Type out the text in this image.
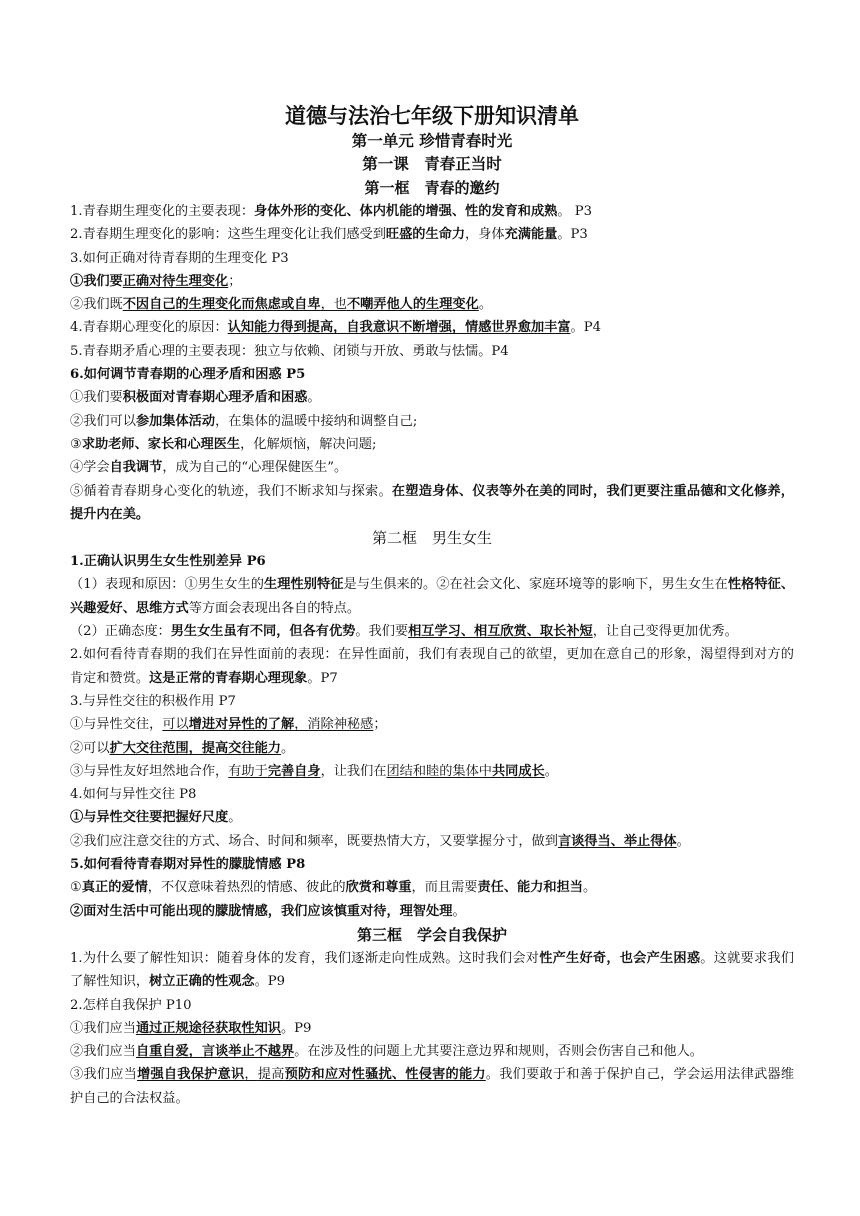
道德与法治七年级下册知识清单
第一单元 珍惜青春时光
第一课　青春正当时
第一框　青春的邀约

1.青春期生理变化的主要表现：身体外形的变化、体内机能的增强、性的发育和成熟。 P3

2.青春期生理变化的影响：这些生理变化让我们感受到旺盛的生命力，身体充满能量。P3

3.如何正确对待青春期的生理变化 P3

①我们要正确对待生理变化；

②我们既不因自己的生理变化而焦虑或自卑，也不嘲弄他人的生理变化。

4.青春期心理变化的原因：认知能力得到提高，自我意识不断增强，情感世界愈加丰富。P4

5.青春期矛盾心理的主要表现：独立与依赖、闭锁与开放、勇敢与怯懦。P4

6.如何调节青春期的心理矛盾和困惑 P5

①我们要积极面对青春期心理矛盾和困惑。

②我们可以参加集体活动，在集体的温暖中接纳和调整自己;

③求助老师、家长和心理医生，化解烦恼，解决问题;

④学会自我调节，成为自己的“心理保健医生”。

⑤循着青春期身心变化的轨迹，我们不断求知与探索。在塑造身体、仪表等外在美的同时，我们更要注重品德和文化修养，提升内在美。

第二框　男生女生

1.正确认识男生女生性别差异 P6

（1）表现和原因：①男生女生的生理性别特征是与生俱来的。②在社会文化、家庭环境等的影响下，男生女生在性格特征、兴趣爱好、思维方式等方面会表现出各自的特点。

（2）正确态度：男生女生虽有不同，但各有优势。我们要相互学习、相互欣赏、取长补短，让自己变得更加优秀。

2.如何看待青春期的我们在异性面前的表现：在异性面前，我们有表现自己的欲望，更加在意自己的形象，渴望得到对方的肯定和赞赏。这是正常的青春期心理现象。P7

3.与异性交往的积极作用 P7

①与异性交往，可以增进对异性的了解，消除神秘感；

②可以扩大交往范围，提高交往能力。

③与异性友好坦然地合作，有助于完善自身，让我们在团结和睦的集体中共同成长。

4.如何与异性交往 P8

①与异性交往要把握好尺度。

②我们应注意交往的方式、场合、时间和频率，既要热情大方，又要掌握分寸，做到言谈得当、举止得体。

5.如何看待青春期对异性的朦胧情感 P8

①真正的爱情，不仅意味着热烈的情感、彼此的欣赏和尊重，而且需要责任、能力和担当。

②面对生活中可能出现的朦胧情感，我们应该慎重对待，理智处理。

第三框　学会自我保护

1.为什么要了解性知识：随着身体的发育，我们逐渐走向性成熟。这时我们会对性产生好奇，也会产生困惑。这就要求我们了解性知识，树立正确的性观念。P9

2.怎样自我保护 P10

①我们应当通过正规途径获取性知识。P9

②我们应当自重自爱，言谈举止不越界。在涉及性的问题上尤其要注意边界和规则，否则会伤害自己和他人。

③我们应当增强自我保护意识，提高预防和应对性骚扰、性侵害的能力。我们要敢于和善于保护自己，学会运用法律武器维护自己的合法权益。
